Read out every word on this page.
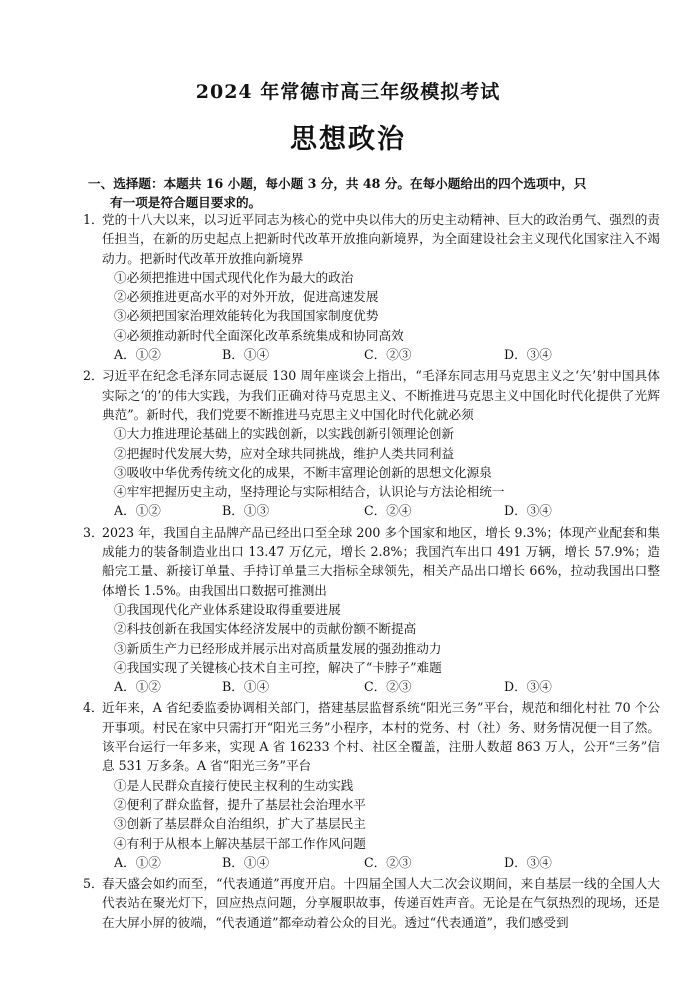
2024 年常德市高三年级模拟考试
思想政治
一、选择题：本题共 16 小题，每小题 3 分，共 48 分。在每小题给出的四个选项中，只
有一项是符合题目要求的。
1．

党的十八大以来，以习近平同志为核心的党中央以伟大的历史主动精神、巨大的政治勇气、强烈的责任担当，在新的历史起点上把新时代改革开放推向新境界，为全面建设社会主义现代化国家注入不竭动力。把新时代改革开放推向新境界

①必须把推进中国式现代化作为最大的政治
②必须推进更高水平的对外开放，促进高速发展
③必须把国家治理效能转化为我国国家制度优势
④必须推动新时代全面深化改革系统集成和协同高效
A．①②	B．①④	C．②③	D．③④
2．

习近平在纪念毛泽东同志诞辰 130 周年座谈会上指出，“毛泽东同志用马克思主义之‘矢’射中国具体实际之‘的’的伟大实践，为我们正确对待马克思主义、不断推进马克思主义中国化时代化提供了光辉典范”。新时代，我们党要不断推进马克思主义中国化时代化就必须

①大力推进理论基础上的实践创新，以实践创新引领理论创新
②把握时代发展大势，应对全球共同挑战，维护人类共同利益
③吸收中华优秀传统文化的成果，不断丰富理论创新的思想文化源泉
④牢牢把握历史主动，坚持理论与实际相结合，认识论与方法论相统一
A．①②	B．①③	C．②④	D．③④
3．

2023 年，我国自主品牌产品已经出口至全球 200 多个国家和地区，增长 9.3%；体现产业配套和集成能力的装备制造业出口 13.47 万亿元，增长 2.8%；我国汽车出口 491 万辆，增长 57.9%；造船完工量、新接订单量、手持订单量三大指标全球领先，相关产品出口增长 66%，拉动我国出口整体增长 1.5%。由我国出口数据可推测出

①我国现代化产业体系建设取得重要进展
②科技创新在我国实体经济发展中的贡献份额不断提高
③新质生产力已经形成并展示出对高质量发展的强劲推动力
④我国实现了关键核心技术自主可控，解决了“卡脖子”难题
A．①②	B．①④	C．②③	D．③④
4．

近年来，A 省纪委监委协调相关部门，搭建基层监督系统“阳光三务”平台，规范和细化村社 70 个公开事项。村民在家中只需打开“阳光三务”小程序，本村的党务、村（社）务、财务情况便一目了然。该平台运行一年多来，实现 A 省 16233 个村、社区全覆盖，注册人数超 863 万人，公开“三务”信息 531 万多条。A 省“阳光三务”平台

①是人民群众直接行使民主权利的生动实践
②便利了群众监督，提升了基层社会治理水平
③创新了基层群众自治组织，扩大了基层民主
④有利于从根本上解决基层干部工作作风问题
A．①②	B．①④	C．②③	D．③④
5．

春天盛会如约而至，“代表通道”再度开启。十四届全国人大二次会议期间，来自基层一线的全国人大代表站在聚光灯下，回应热点问题，分享履职故事，传递百姓声音。无论是在气氛热烈的现场，还是在大屏小屏的彼端，“代表通道”都牵动着公众的目光。透过“代表通道”，我们感受到
